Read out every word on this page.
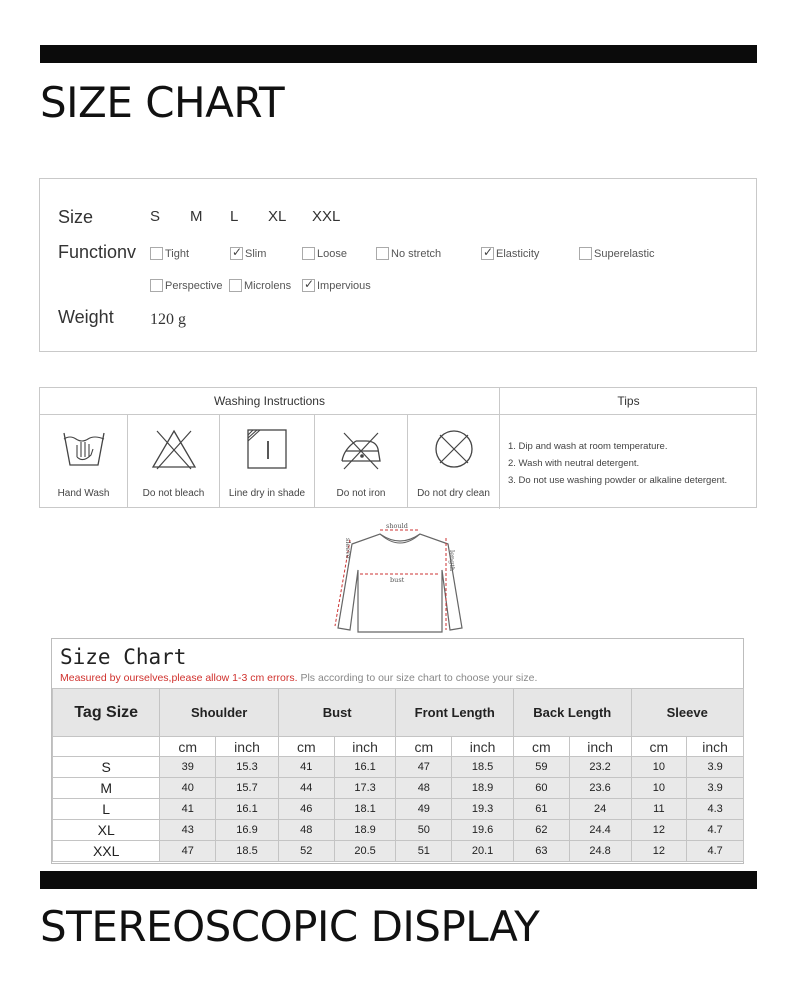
SIZE CHART
Size	S M L XL XXL
Functionv	Tight ✓	Slim	Loose	No stretch ✓	Elasticity	Superelastic
Perspective Microlens ✓ Impervious
Weight 120 g
Washing Instructions	Tips
Hand Wash	Do not bleach	Line dry in shade	Do not iron	Do not dry clean
1. Dip and wash at room temperature.
2. Wash with neutral detergent.
3. Do not use washing powder or alkaline detergent.
should
length
sleeve
bust
Size Chart
Measured by ourselves,please allow 1-3 cm errors. Pls according to our size chart to choose your size.
Tag Size	Shoulder		Bust		Front Length		Back Length		Sleeve	
	cm	inch	cm	inch	cm	inch	cm	inch	cm	inch
S	39	15.3	41	16.1	47	18.5	59	23.2	10	3.9
M	40	15.7	44	17.3	48	18.9	60	23.6	10	3.9
L	41	16.1	46	18.1	49	19.3	61	24	11	4.3
XL	43	16.9	48	18.9	50	19.6	62	24.4	12	4.7
XXL	47	18.5	52	20.5	51	20.1	63	24.8	12	4.7
STEREOSCOPIC DISPLAY
